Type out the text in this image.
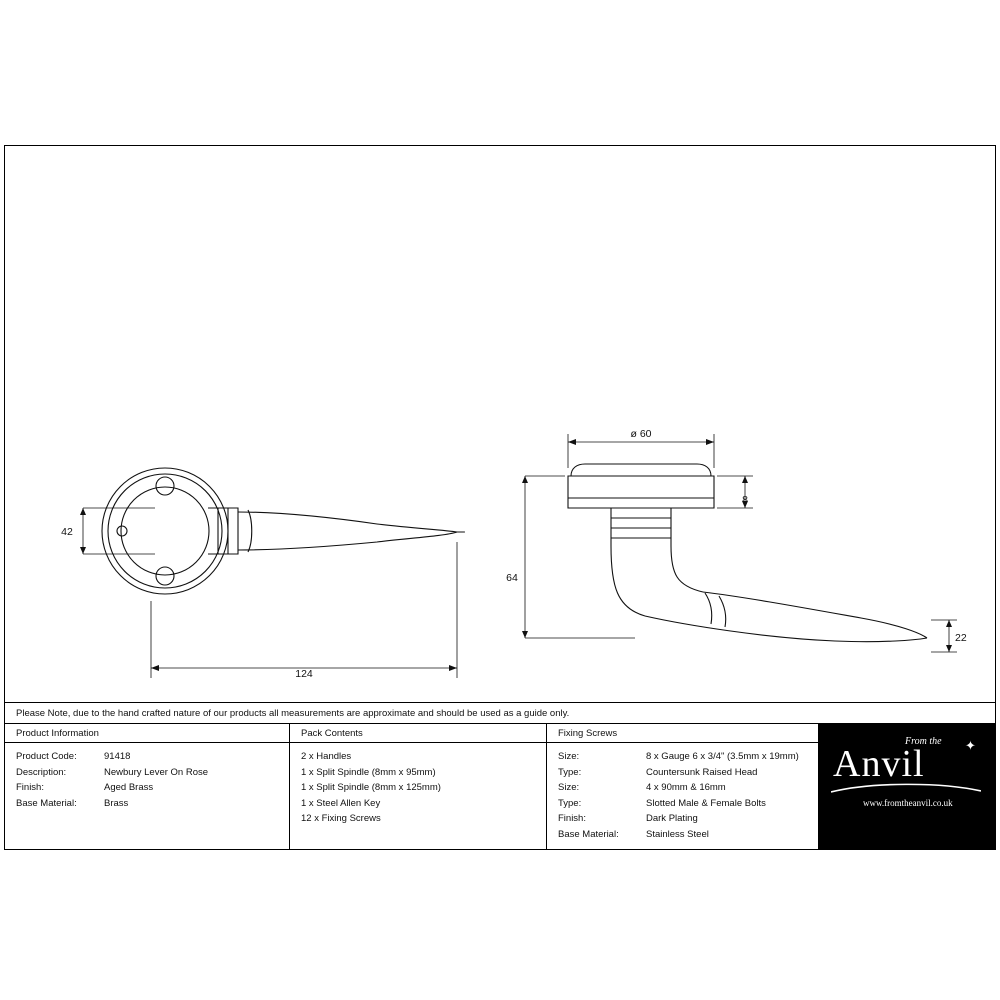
42
124
ø 60
8
64
22
Please Note, due to the hand crafted nature of our products all measurements are approximate and should be used as a guide only.
Product Information
Product Code:	91418
Description:	Newbury Lever On Rose
Finish:	Aged Brass
Base Material:	Brass
Pack Contents
2 x Handles
1 x Split Spindle (8mm x 95mm)
1 x Split Spindle (8mm x 125mm)
1 x Steel Allen Key
12 x Fixing Screws
Fixing Screws
Size:	8 x Gauge 6 x 3/4" (3.5mm x 19mm)
Type:	Countersunk Raised Head
Size:	4 x 90mm & 16mm
Type:	Slotted Male & Female Bolts
Finish:	Dark Plating
Base Material:	Stainless Steel
From the ✦
Anvil
www.fromtheanvil.co.uk
